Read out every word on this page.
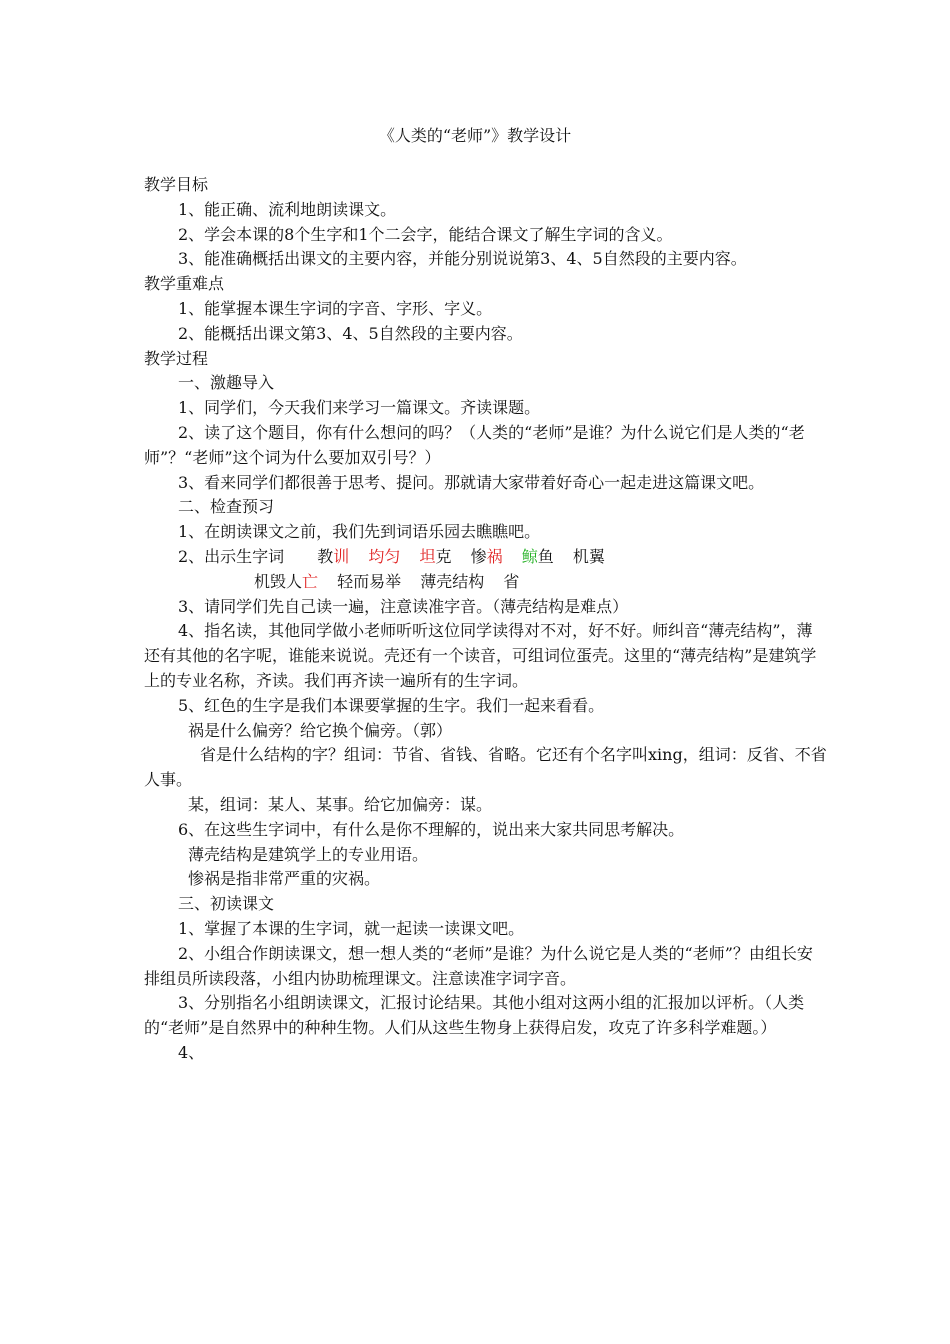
《人类的“老师”》教学设计
教学目标
1、能正确、流利地朗读课文。
2、学会本课的8个生字和1个二会字，能结合课文了解生字词的含义。
3、能准确概括出课文的主要内容，并能分别说说第3、4、5自然段的主要内容。
教学重难点
1、能掌握本课生字词的字音、字形、字义。
2、能概括出课文第3、4、5自然段的主要内容。
教学过程
一、激趣导入
1、同学们，今天我们来学习一篇课文。齐读课题。
2、读了这个题目，你有什么想问的吗？（人类的“老师”是谁？为什么说它们是人类的“老师”？“老师”这个词为什么要加双引号？）
3、看来同学们都很善于思考、提问。那就请大家带着好奇心一起走进这篇课文吧。
二、检查预习
1、在朗读课文之前，我们先到词语乐园去瞧瞧吧。
2、出示生字词 教训 均匀 坦克 惨祸 鲸鱼 机翼
机毁人亡 轻而易举 薄壳结构 省
3、请同学们先自己读一遍，注意读准字音。（薄壳结构是难点）
4、指名读，其他同学做小老师听听这位同学读得对不对，好不好。师纠音“薄壳结构”，薄还有其他的名字呢，谁能来说说。壳还有一个读音，可组词位蛋壳。这里的“薄壳结构”是建筑学上的专业名称，齐读。我们再齐读一遍所有的生字词。
5、红色的生字是我们本课要掌握的生字。我们一起来看看。
祸是什么偏旁？给它换个偏旁。（郭）
省是什么结构的字？组词：节省、省钱、省略。它还有个名字叫xing，组词：反省、不省人事。
某，组词：某人、某事。给它加偏旁：谋。
6、在这些生字词中，有什么是你不理解的，说出来大家共同思考解决。
薄壳结构是建筑学上的专业用语。
惨祸是指非常严重的灾祸。
三、初读课文
1、掌握了本课的生字词，就一起读一读课文吧。
2、小组合作朗读课文，想一想人类的“老师”是谁？为什么说它是人类的“老师”？由组长安排组员所读段落，小组内协助梳理课文。注意读准字词字音。
3、分别指名小组朗读课文，汇报讨论结果。其他小组对这两小组的汇报加以评析。（人类的“老师”是自然界中的种种生物。人们从这些生物身上获得启发，攻克了许多科学难题。）
4、
